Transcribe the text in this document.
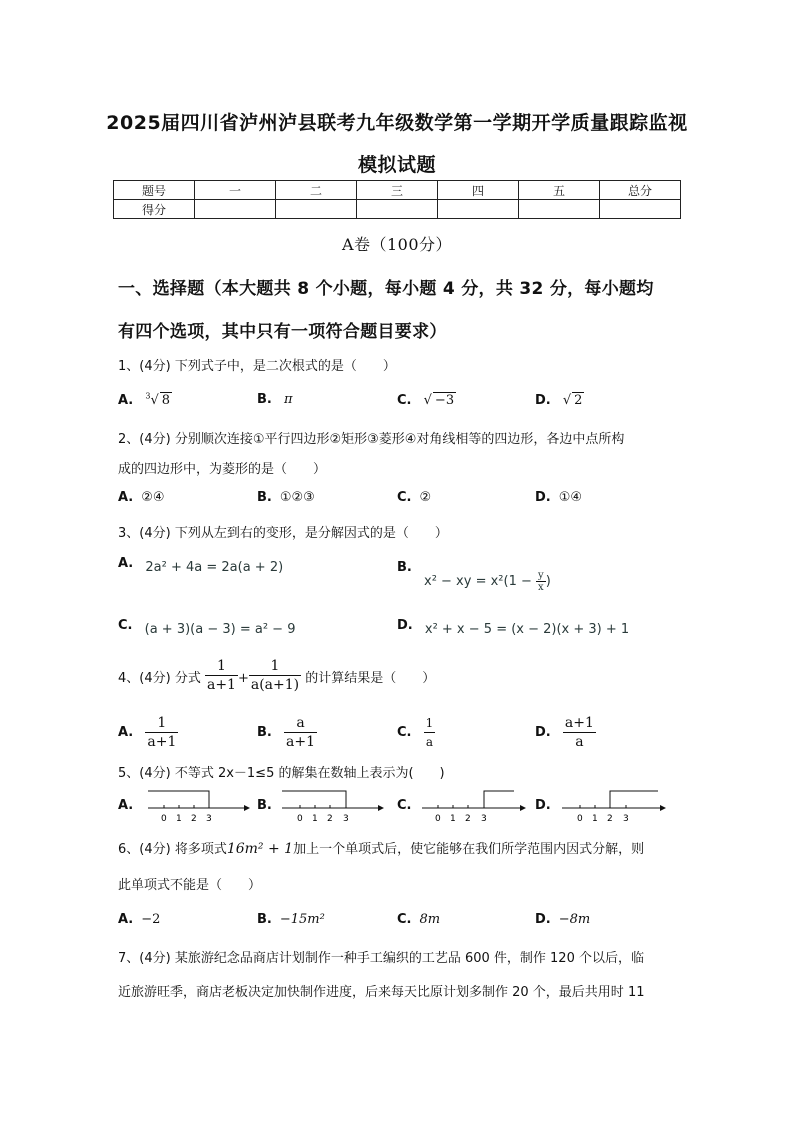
2025届四川省泸州泸县联考九年级数学第一学期开学质量跟踪监视
模拟试题
题号	一	二	三	四	五	总分
得分						
A卷（100分）
一、选择题（本大题共 8 个小题，每小题 4 分，共 32 分，每小题均
有四个选项，其中只有一项符合题目要求）
1、(4分) 下列式子中，是二次根式的是（　　）
A. $^3$√ 8	B. π	C. √ −3	D. √ 2
2、(4分) 分别顺次连接①平行四边形②矩形③菱形④对角线相等的四边形，各边中点所构
成的四边形中，为菱形的是（　　）
A. ②④	B. ①②③	C. ②	D. ①④
3、(4分) 下列从左到右的变形，是分解因式的是（　　）
A. 2a² + 4a = 2a(a + 2)	B. x² − xy = $x^2(1 - \frac{y}{x}$ )
C. (a + 3)(a − 3) = a² − 9	D. x² + x − 5 = (x − 2)(x + 3) + 1
4、(4分) 分式 $\frac{1}{a+1} + \frac{1}{a(a+1)}$ 的计算结果是（　　）
A. $\frac{1}{a+1}$	B. $\frac{a}{a+1}$	C. $\frac{1}{a}$	D. $\frac{a+1}{a}$
5、(4分) 不等式 2x－1≤5 的解集在数轴上表示为(　　)
A.
0 1 2 3
B.
0 1 2 3
C.
0 1 2 3
D.
0 1 2 3
6、(4分) 将多项式16m² + 1加上一个单项式后，使它能够在我们所学范围内因式分解，则
此单项式不能是（　　）
A. −2	B. −15m²	C. 8m	D. −8m
7、(4分) 某旅游纪念品商店计划制作一种手工编织的工艺品 600 件，制作 120 个以后，临
近旅游旺季，商店老板决定加快制作进度，后来每天比原计划多制作 20 个，最后共用时 11
